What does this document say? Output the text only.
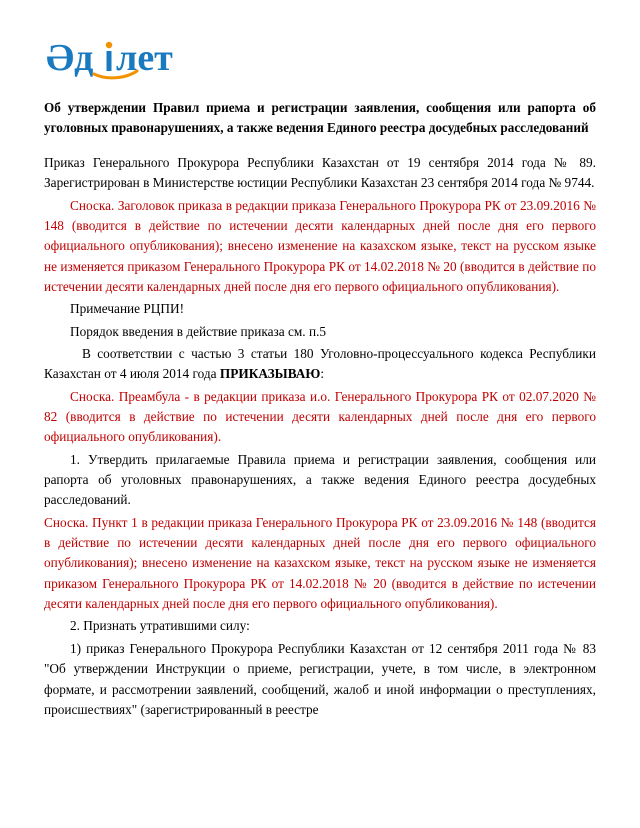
Әд лет
Об утверждении Правил приема и регистрации заявления, сообщения или рапорта об уголовных правонарушениях, а также ведения Единого реестра досудебных расследований

Приказ Генерального Прокурора Республики Казахстан от 19 сентября 2014 года № 89. Зарегистрирован в Министерстве юстиции Республики Казахстан 23 сентября 2014 года № 9744.

Сноска. Заголовок приказа в редакции приказа Генерального Прокурора РК от 23.09.2016 № 148 (вводится в действие по истечении десяти календарных дней после дня его первого официального опубликования); внесено изменение на казахском языке, текст на русском языке не изменяется приказом Генерального Прокурора РК от 14.02.2018 № 20 (вводится в действие по истечении десяти календарных дней после дня его первого официального опубликования).

Примечание РЦПИ!

Порядок введения в действие приказа см. п.5

В соответствии с частью 3 статьи 180 Уголовно-процессуального кодекса Республики Казахстан от 4 июля 2014 года ПРИКАЗЫВАЮ:

Сноска. Преамбула - в редакции приказа и.о. Генерального Прокурора РК от 02.07.2020 № 82 (вводится в действие по истечении десяти календарных дней после дня его первого официального опубликования).

1. Утвердить прилагаемые Правила приема и регистрации заявления, сообщения или рапорта об уголовных правонарушениях, а также ведения Единого реестра досудебных расследований.

Сноска. Пункт 1 в редакции приказа Генерального Прокурора РК от 23.09.2016 № 148 (вводится в действие по истечении десяти календарных дней после дня его первого официального опубликования); внесено изменение на казахском языке, текст на русском языке не изменяется приказом Генерального Прокурора РК от 14.02.2018 № 20 (вводится в действие по истечении десяти календарных дней после дня его первого официального опубликования).

2. Признать утратившими силу:

1) приказ Генерального Прокурора Республики Казахстан от 12 сентября 2011 года № 83 "Об утверждении Инструкции о приеме, регистрации, учете, в том числе, в электронном формате, и рассмотрении заявлений, сообщений, жалоб и иной информации о преступлениях, происшествиях" (зарегистрированный в реестре
